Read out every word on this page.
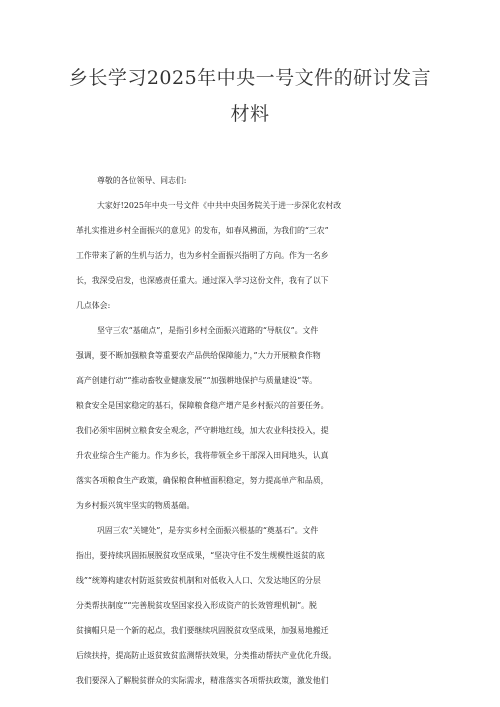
乡长学习2025年中央一号文件的研讨发言
材料
尊敬的各位领导、同志们:
大家好!2025年中央一号文件《中共中央国务院关于进一步深化农村改
革扎实推进乡村全面振兴的意见》的发布，如春风拂面，为我们的“三农”
工作带来了新的生机与活力，也为乡村全面振兴指明了方向。作为一名乡
长，我深受启发，也深感责任重大。通过深入学习这份文件，我有了以下
几点体会:
坚守三农“基础点”，是指引乡村全面振兴道路的“导航仪”。文件
强调，要不断加强粮食等重要农产品供给保障能力，”大力开展粮食作物
高产创建行动”“推动畜牧业健康发展”“加强耕地保护与质量建设”等。
粮食安全是国家稳定的基石，保障粮食稳产增产是乡村振兴的首要任务。
我们必须牢固树立粮食安全观念，严守耕地红线，加大农业科技投入，提
升农业综合生产能力。作为乡长，我将带领全乡干部深入田间地头，认真
落实各项粮食生产政策，确保粮食种植面积稳定，努力提高单产和品质，
为乡村振兴筑牢坚实的物质基础。
巩固三农“关键处”，是夯实乡村全面振兴根基的“奠基石”。文件
指出，要持续巩固拓展脱贫攻坚成果，“坚决守住不发生规模性返贫的底
线”“统筹构建农村防返贫致贫机制和对低收入人口、欠发达地区的分层
分类帮扶制度”“完善脱贫攻坚国家投入形成资产的长效管理机制”。脱
贫摘帽只是一个新的起点，我们要继续巩固脱贫攻坚成果，加强易地搬迁
后续扶持，提高防止返贫致贫监测帮扶效果，分类推动帮扶产业优化升级。
我们要深入了解脱贫群众的实际需求，精准落实各项帮扶政策，激发他们
